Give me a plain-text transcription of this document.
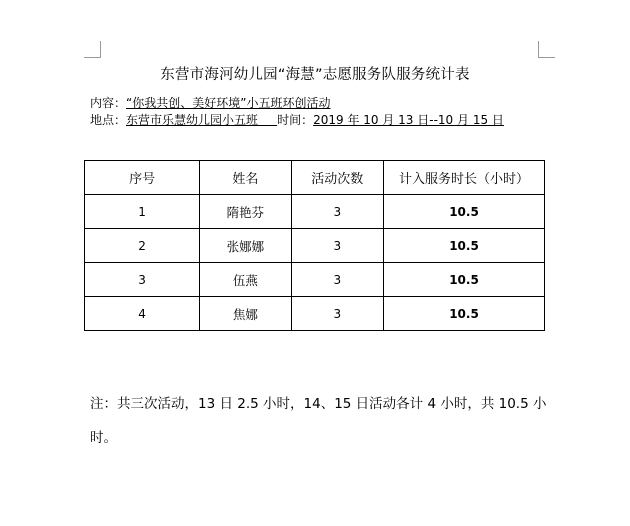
东营市海河幼儿园“海慧”志愿服务队服务统计表
内容：“你我共创、美好环境”小五班环创活动
地点：东营市乐慧幼儿园小五班     时间：2019 年 10 月 13 日--10 月 15 日
序号	姓名	活动次数	计入服务时长（小时）
1	隋艳芬	3	10.5
2	张娜娜	3	10.5
3	伍燕	3	10.5
4	焦娜	3	10.5
注：共三次活动，13 日 2.5 小时，14、15 日活动各计 4 小时，共 10.5 小时。
